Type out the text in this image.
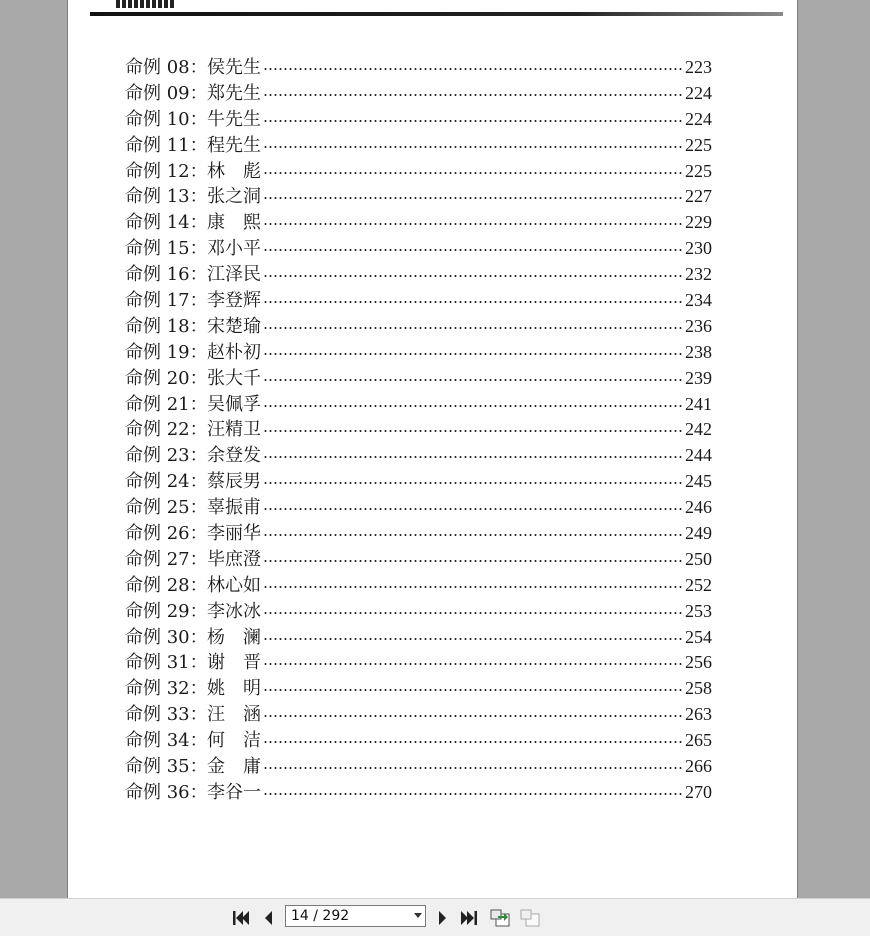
命例 08： 侯先生	223
命例 09： 郑先生	224
命例 10： 牛先生	224
命例 11： 程先生	225
命例 12： 林　彪	225
命例 13： 张之洞	227
命例 14： 康　熙	229
命例 15： 邓小平	230
命例 16： 江泽民	232
命例 17： 李登辉	234
命例 18： 宋楚瑜	236
命例 19： 赵朴初	238
命例 20： 张大千	239
命例 21： 吴佩孚	241
命例 22： 汪精卫	242
命例 23： 余登发	244
命例 24： 蔡辰男	245
命例 25： 辜振甫	246
命例 26： 李丽华	249
命例 27： 毕庶澄	250
命例 28： 林心如	252
命例 29： 李冰冰	253
命例 30： 杨　澜	254
命例 31： 谢　晋	256
命例 32： 姚　明	258
命例 33： 汪　涵	263
命例 34： 何　洁	265
命例 35： 金　庸	266
命例 36： 李谷一	270
14 / 292
